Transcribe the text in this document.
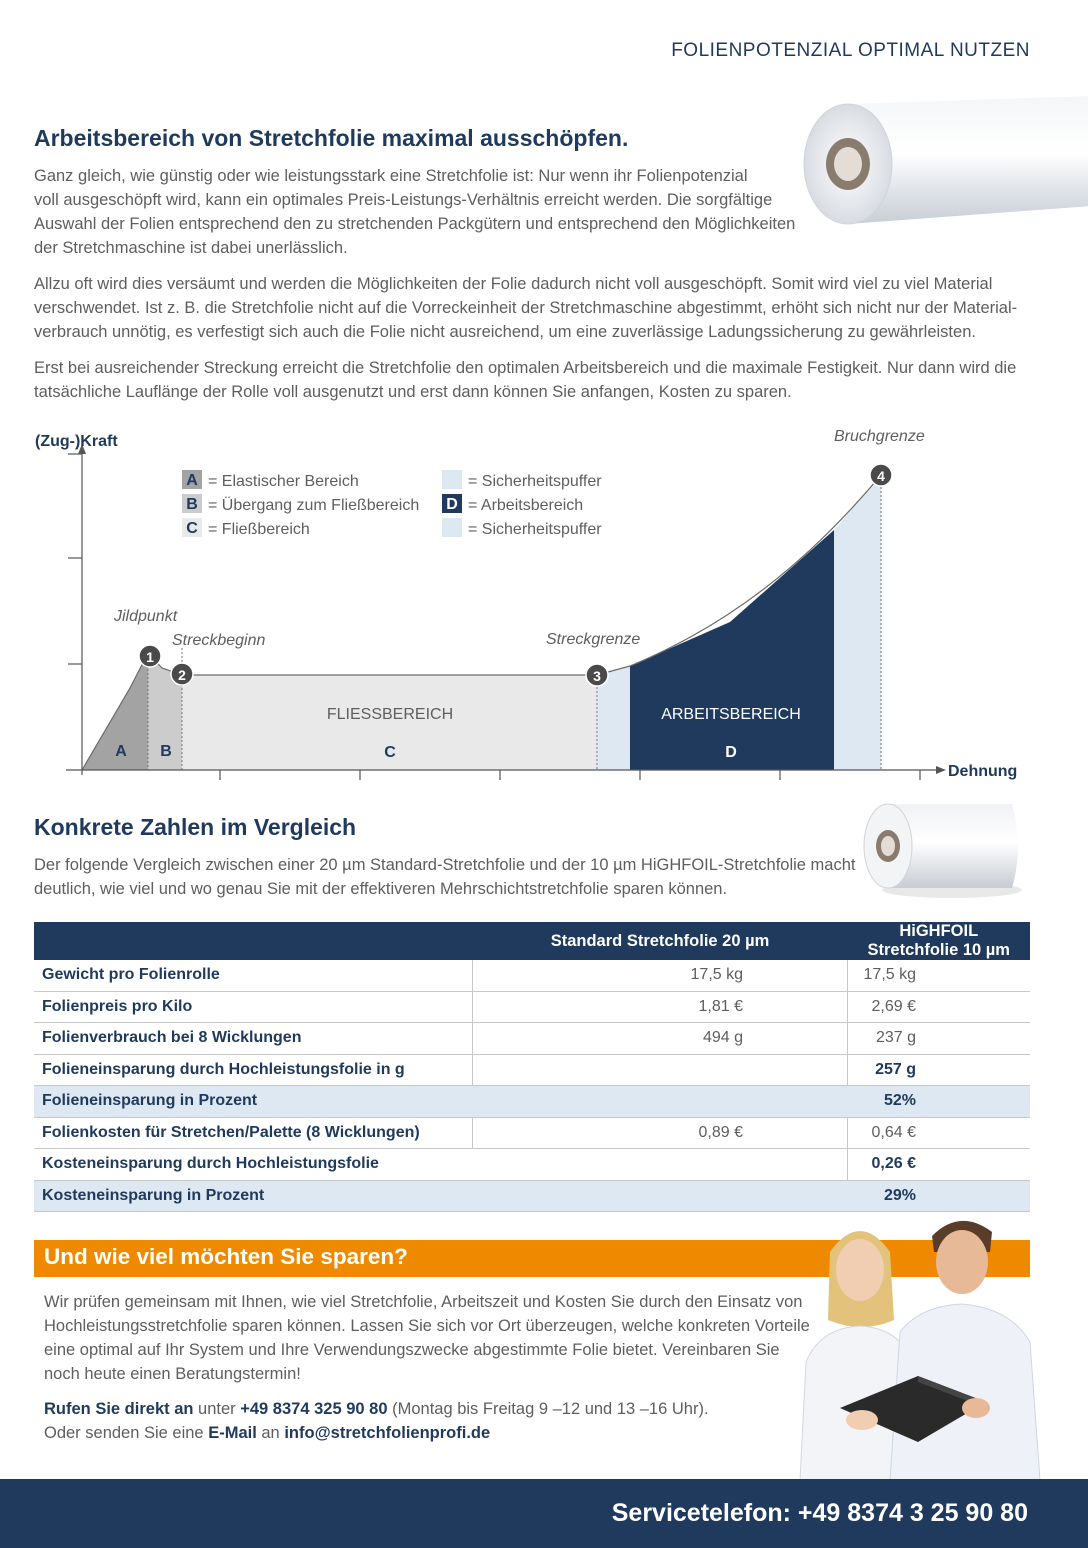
FOLIENPOTENZIAL OPTIMAL NUTZEN
Arbeitsbereich von Stretchfolie maximal ausschöpfen.

Ganz gleich, wie günstig oder wie leistungsstark eine Stretchfolie ist: Nur wenn ihr Folienpotenzial

voll ausgeschöpft wird, kann ein optimales Preis-Leistungs-Verhältnis erreicht werden. Die sorgfältige

Auswahl der Folien entsprechend den zu stretchenden Packgütern und entsprechend den Möglichkeiten

der Stretchmaschine ist dabei unerlässlich.

Allzu oft wird dies versäumt und werden die Möglichkeiten der Folie dadurch nicht voll ausgeschöpft. Somit wird viel zu viel Material

verschwendet. Ist z. B. die Stretchfolie nicht auf die Vorreckeinheit der Stretchmaschine abgestimmt, erhöht sich nicht nur der Material-

verbrauch unnötig, es verfestigt sich auch die Folie nicht ausreichend, um eine zuverlässige Ladungssicherung zu gewährleisten.

Erst bei ausreichender Streckung erreicht die Stretchfolie den optimalen Arbeitsbereich und die maximale Festigkeit. Nur dann wird die

tatsächliche Lauflänge der Rolle voll ausgenutzt und erst dann können Sie anfangen, Kosten zu sparen.

(Zug-)Kraft
Dehnung
A = Elastischer Bereich
B = Übergang zum Fließbereich
C = Fließbereich
= Sicherheitspuffer
D = Arbeitsbereich
= Sicherheitspuffer
A B
FLIESSBEREICH
C
ARBEITSBEREICH
D
Jildpunkt
Streckbeginn	Streckgrenze
Bruchgrenze
1
2	3
4
Konkrete Zahlen im Vergleich

Der folgende Vergleich zwischen einer 20 µm Standard-Stretchfolie und der 10 µm HiGHFOIL-Stretchfolie macht

deutlich, wie viel und wo genau Sie mit der effektiveren Mehrschichtstretchfolie sparen können.

	Standard Stretchfolie 20 µm	HiGHFOIL Stretchfolie 10 µm
Gewicht pro Folienrolle	17,5 kg	17,5 kg
Folienpreis pro Kilo	1,81 €	2,69 €
Folienverbrauch bei 8 Wicklungen	494 g	237 g
Folieneinsparung durch Hochleistungsfolie in g		257 g
Folieneinsparung in Prozent		52%
Folienkosten für Stretchen/Palette (8 Wicklungen)	0,89 €	0,64 €
Kosteneinsparung durch Hochleistungsfolie		0,26 €
Kosteneinsparung in Prozent		29%
Und wie viel möchten Sie sparen?

Wir prüfen gemeinsam mit Ihnen, wie viel Stretchfolie, Arbeitszeit und Kosten Sie durch den Einsatz von

Hochleistungsstretchfolie sparen können. Lassen Sie sich vor Ort überzeugen, welche konkreten Vorteile

eine optimal auf Ihr System und Ihre Verwendungszwecke abgestimmte Folie bietet. Vereinbaren Sie

noch heute einen Beratungstermin!

Rufen Sie direkt an unter +49 8374 325 90 80 (Montag bis Freitag 9 –12 und 13 –16 Uhr).

Oder senden Sie eine E-Mail an info@stretchfolienprofi.de

Servicetelefon: +49 8374 3 25 90 80
